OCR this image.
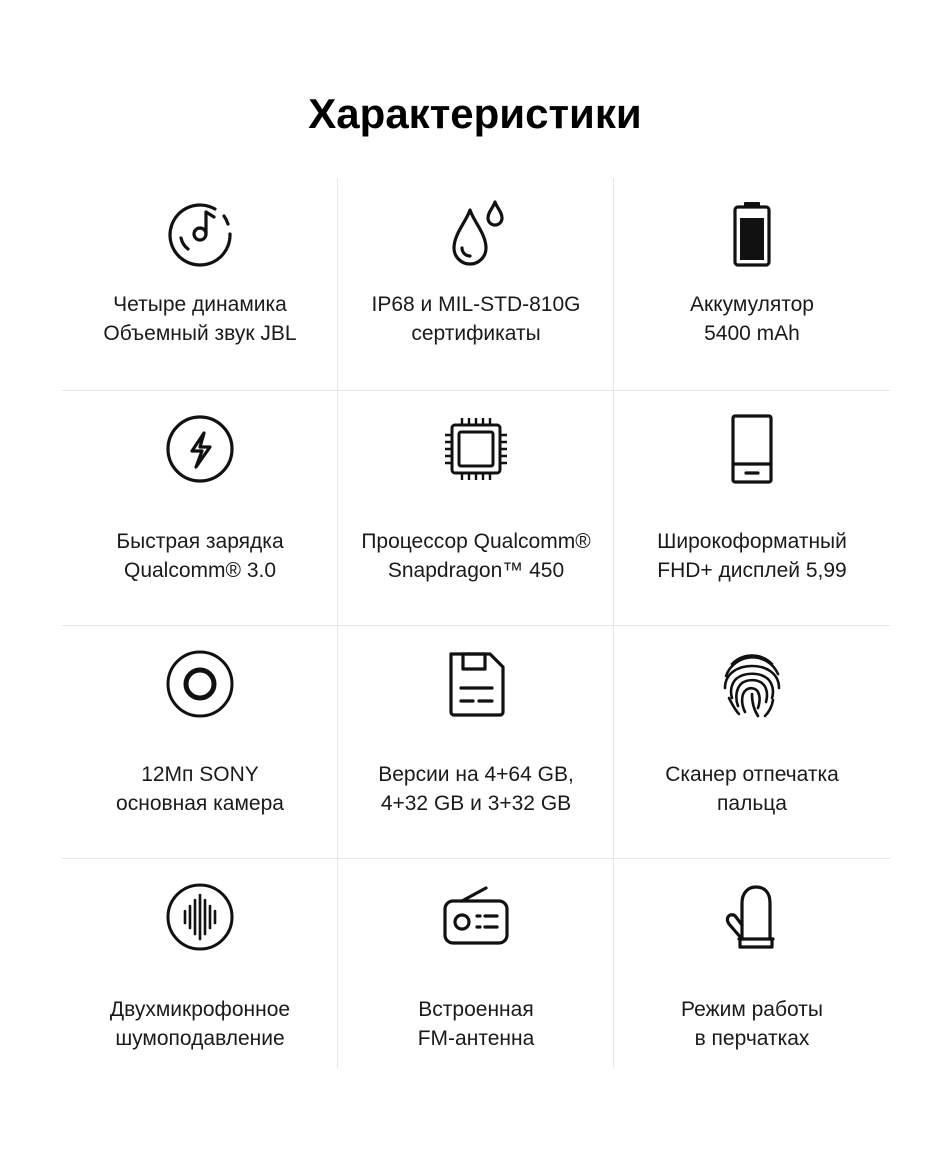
Характеристики
Четыре динамика
Объемный звук JBL
IP68 и MIL-STD-810G
сертификаты
Аккумулятор
5400 mAh
Быстрая зарядка
Qualcomm® 3.0
Процессор Qualcomm®
Snapdragon™ 450
Широкоформатный
FHD+ дисплей 5,99
12Мп SONY
основная камера
Версии на 4+64 GB,
4+32 GB и 3+32 GB
Сканер отпечатка
пальца
Двухмикрофонное
шумоподавление
Встроенная
FM-антенна
Режим работы
в перчатках
